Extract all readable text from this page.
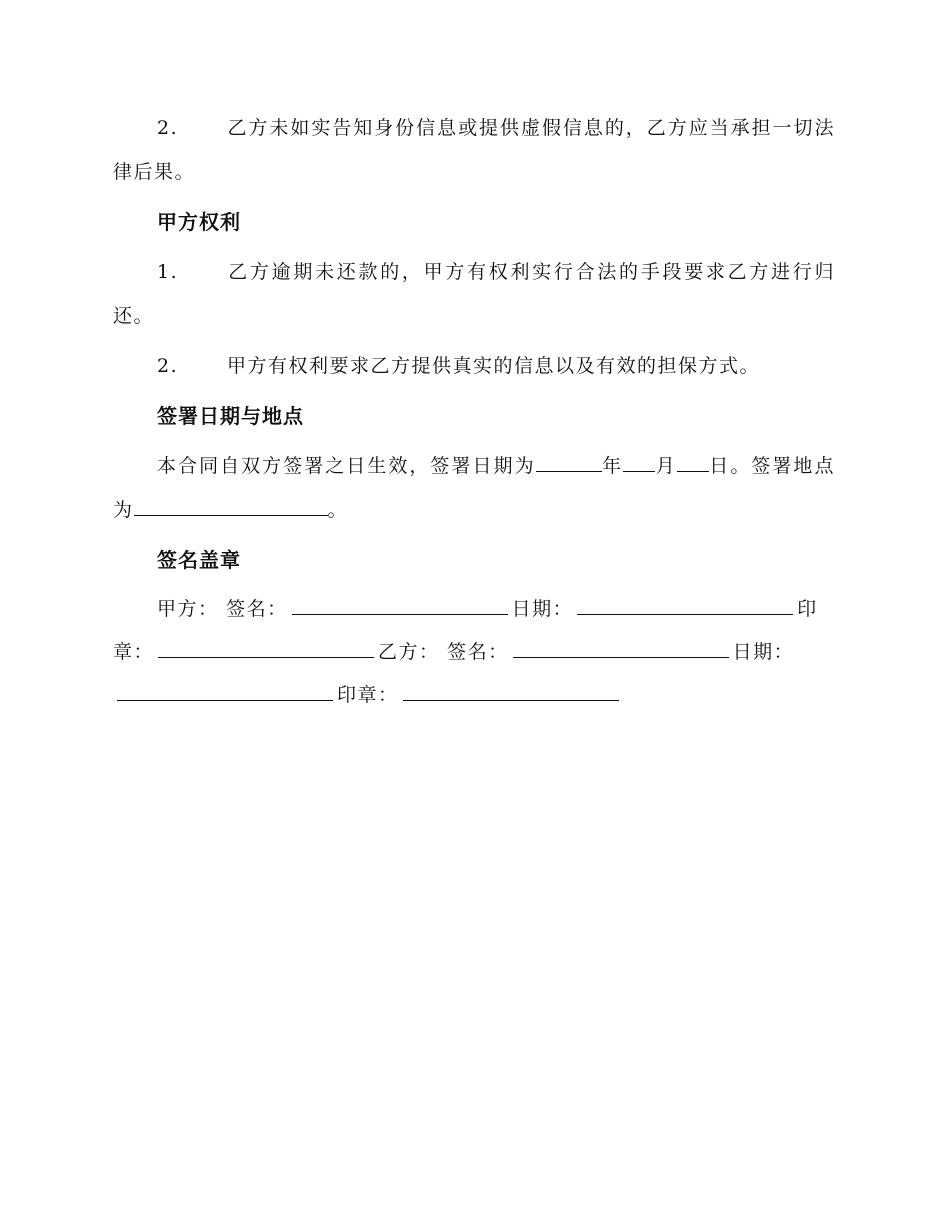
2.	乙方未如实告知身份信息或提供虚假信息的，乙方应当承担一切法律后果。

甲方权利

1.	乙方逾期未还款的，甲方有权利实行合法的手段要求乙方进行归还。

2.	甲方有权利要求乙方提供真实的信息以及有效的担保方式。

签署日期与地点

本合同自双方签署之日生效，签署日期为	年 月 日。签署地点为	。

签名盖章

甲方： 签名：	日期：	印章：	乙方： 签名：	日期：印章：
